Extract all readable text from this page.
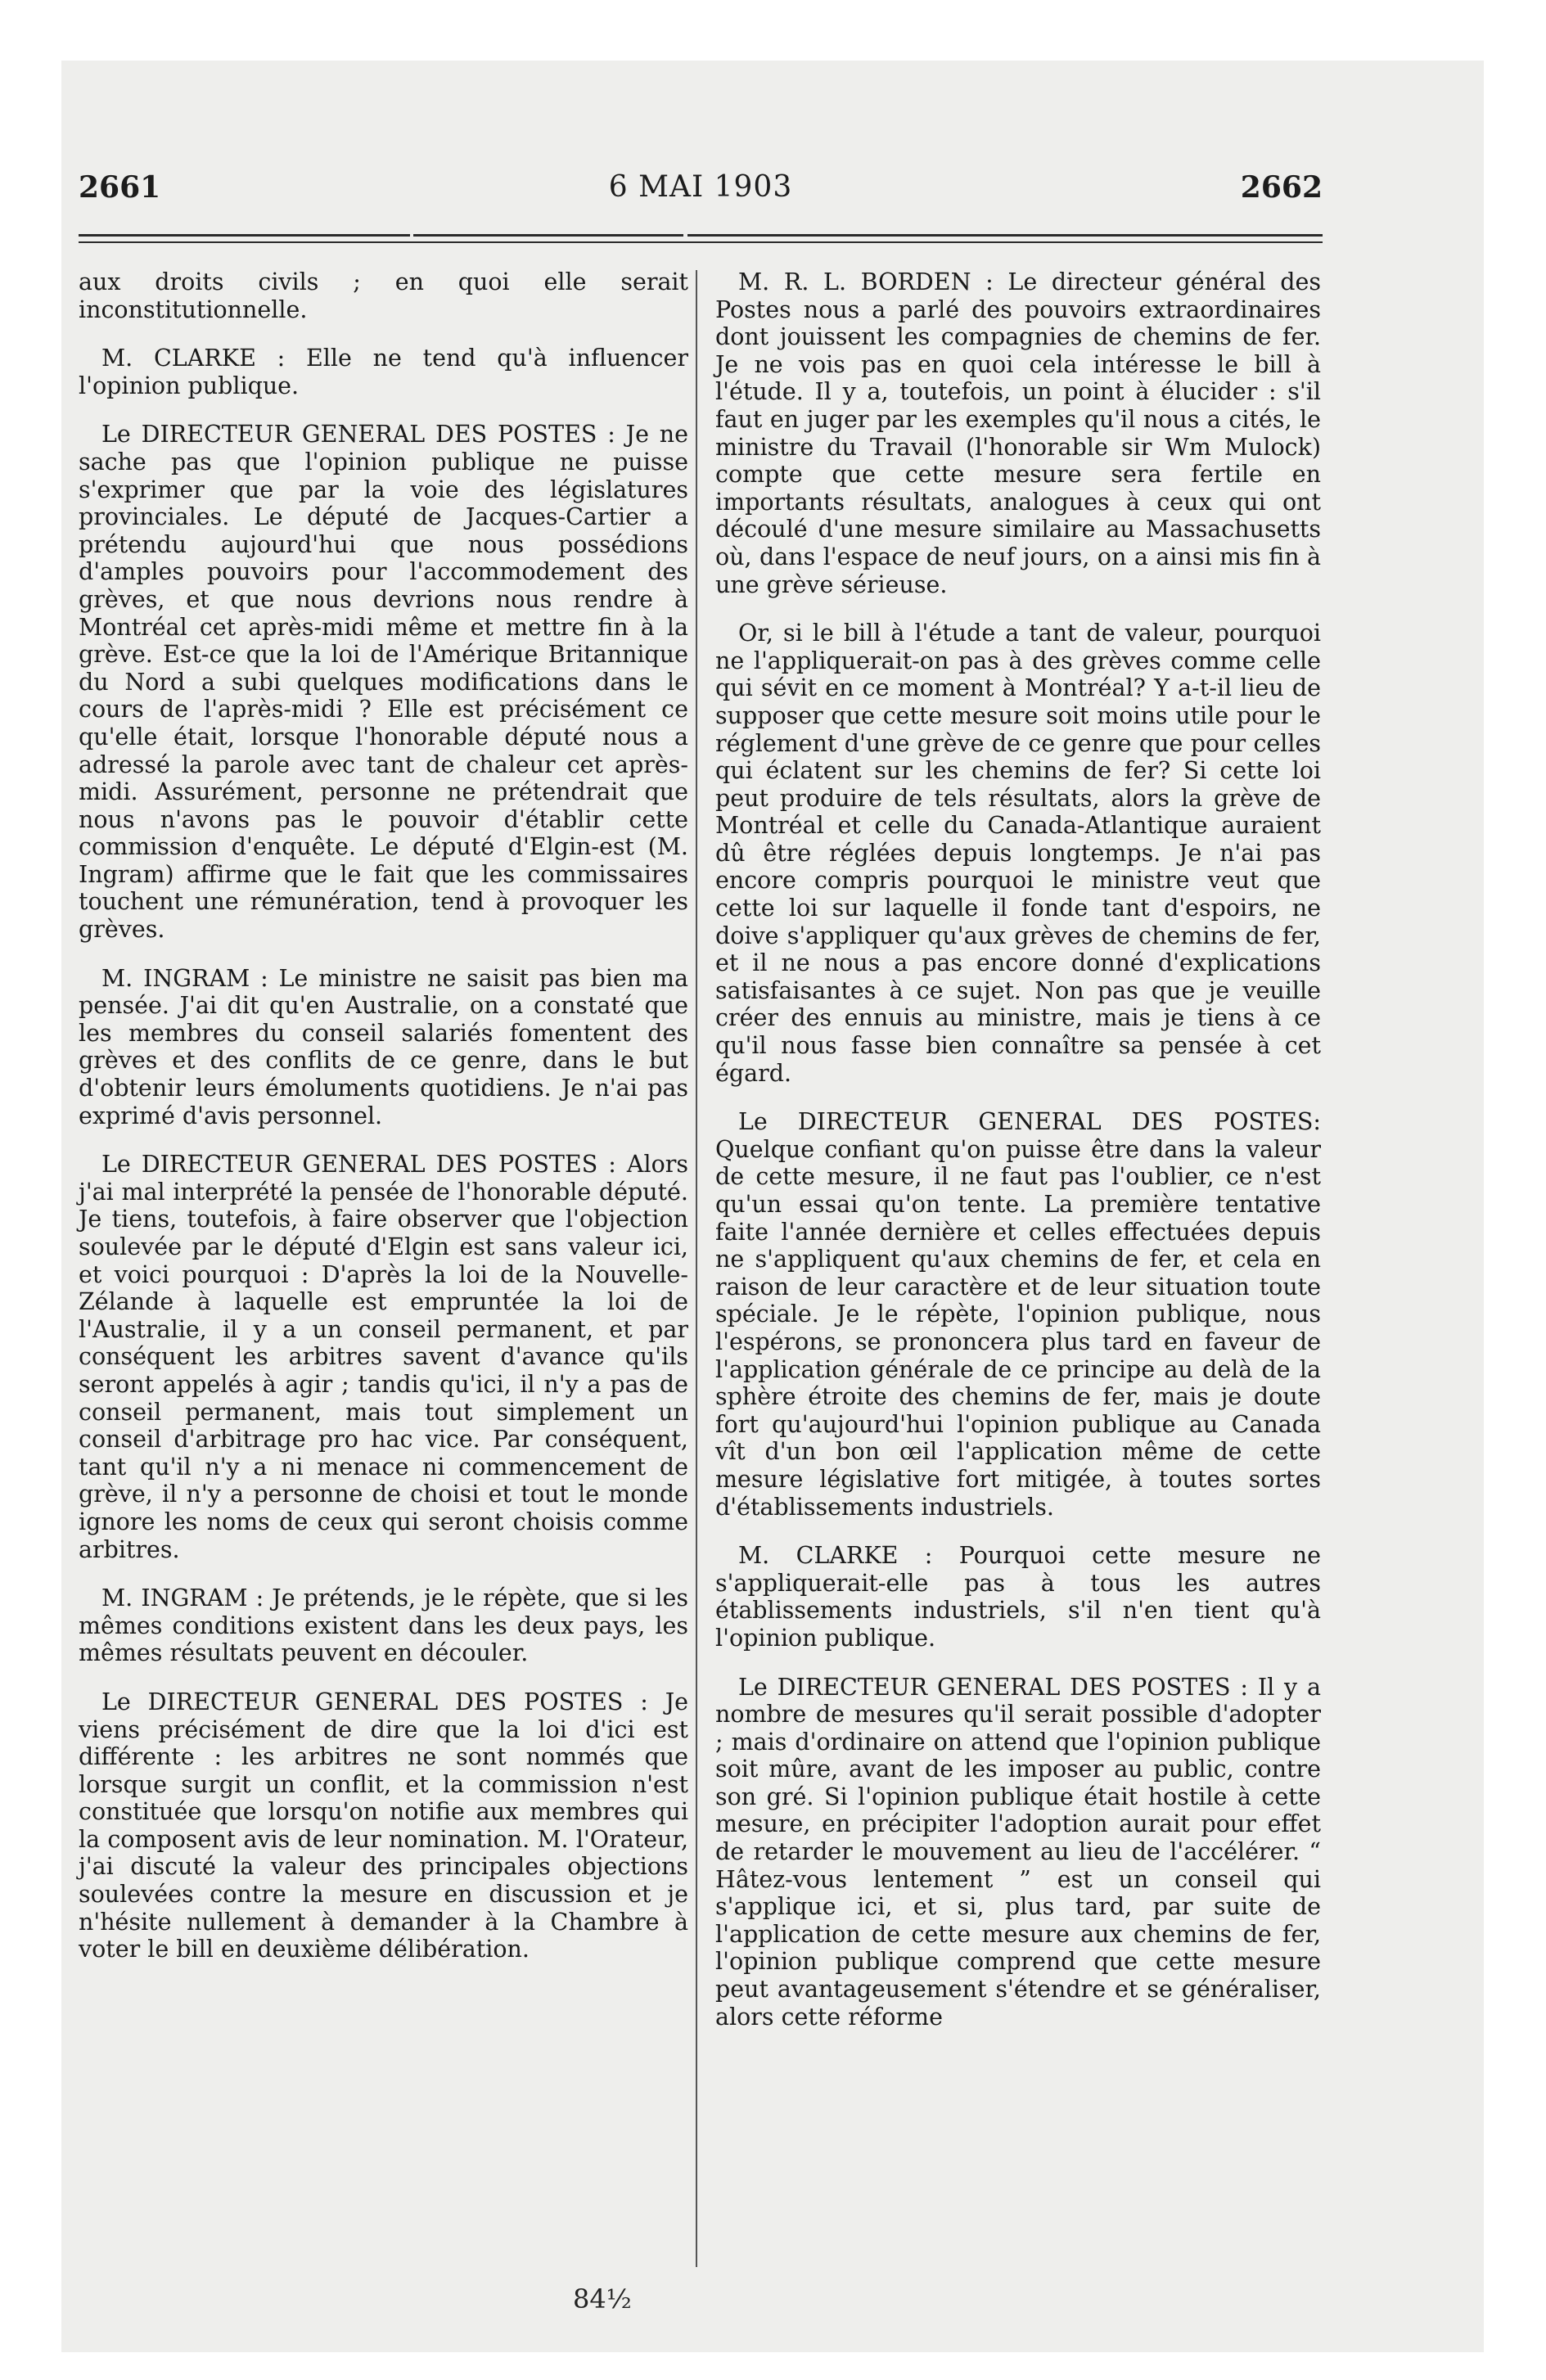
2661	6 MAI 1903	2662

aux droits civils ; en quoi elle serait inconstitutionnelle.

M. CLARKE : Elle ne tend qu'à influencer l'opinion publique.

Le DIRECTEUR GENERAL DES POSTES : Je ne sache pas que l'opinion publique ne puisse s'exprimer que par la voie des législatures provinciales. Le député de Jacques-Cartier a prétendu aujourd'hui que nous possédions d'amples pouvoirs pour l'accommodement des grèves, et que nous devrions nous rendre à Montréal cet après-midi même et mettre fin à la grève. Est-ce que la loi de l'Amérique Britannique du Nord a subi quelques modifications dans le cours de l'après-midi ? Elle est précisément ce qu'elle était, lorsque l'honorable député nous a adressé la parole avec tant de chaleur cet après-midi. Assurément, personne ne prétendrait que nous n'avons pas le pouvoir d'établir cette commission d'enquête. Le député d'Elgin-est (M. Ingram) affirme que le fait que les commissaires touchent une rémunération, tend à provoquer les grèves.

M. INGRAM : Le ministre ne saisit pas bien ma pensée. J'ai dit qu'en Australie, on a constaté que les membres du conseil salariés fomentent des grèves et des conflits de ce genre, dans le but d'obtenir leurs émoluments quotidiens. Je n'ai pas exprimé d'avis personnel.

Le DIRECTEUR GENERAL DES POSTES : Alors j'ai mal interprété la pensée de l'honorable député. Je tiens, toutefois, à faire observer que l'objection soulevée par le député d'Elgin est sans valeur ici, et voici pourquoi : D'après la loi de la Nouvelle-Zélande à laquelle est empruntée la loi de l'Australie, il y a un conseil permanent, et par conséquent les arbitres savent d'avance qu'ils seront appelés à agir ; tandis qu'ici, il n'y a pas de conseil permanent, mais tout simplement un conseil d'arbitrage pro hac vice. Par conséquent, tant qu'il n'y a ni menace ni commencement de grève, il n'y a personne de choisi et tout le monde ignore les noms de ceux qui seront choisis comme arbitres.

M. INGRAM : Je prétends, je le répète, que si les mêmes conditions existent dans les deux pays, les mêmes résultats peuvent en découler.

Le DIRECTEUR GENERAL DES POSTES : Je viens précisément de dire que la loi d'ici est différente : les arbitres ne sont nommés que lorsque surgit un conflit, et la commission n'est constituée que lorsqu'on notifie aux membres qui la composent avis de leur nomination. M. l'Orateur, j'ai discuté la valeur des principales objections soulevées contre la mesure en discussion et je n'hésite nullement à demander à la Chambre à voter le bill en deuxième délibération.

M. R. L. BORDEN : Le directeur général des Postes nous a parlé des pouvoirs extraordinaires dont jouissent les compagnies de chemins de fer. Je ne vois pas en quoi cela intéresse le bill à l'étude. Il y a, toutefois, un point à élucider : s'il faut en juger par les exemples qu'il nous a cités, le ministre du Travail (l'honorable sir Wm Mulock) compte que cette mesure sera fertile en importants résultats, analogues à ceux qui ont découlé d'une mesure similaire au Massachusetts où, dans l'espace de neuf jours, on a ainsi mis fin à une grève sérieuse.

Or, si le bill à l'étude a tant de valeur, pourquoi ne l'appliquerait-on pas à des grèves comme celle qui sévit en ce moment à Montréal? Y a-t-il lieu de supposer que cette mesure soit moins utile pour le réglement d'une grève de ce genre que pour celles qui éclatent sur les chemins de fer? Si cette loi peut produire de tels résultats, alors la grève de Montréal et celle du Canada-Atlantique auraient dû être réglées depuis longtemps. Je n'ai pas encore compris pourquoi le ministre veut que cette loi sur laquelle il fonde tant d'espoirs, ne doive s'appliquer qu'aux grèves de chemins de fer, et il ne nous a pas encore donné d'explications satisfaisantes à ce sujet. Non pas que je veuille créer des ennuis au ministre, mais je tiens à ce qu'il nous fasse bien connaître sa pensée à cet égard.

Le DIRECTEUR GENERAL DES POSTES: Quelque confiant qu'on puisse être dans la valeur de cette mesure, il ne faut pas l'oublier, ce n'est qu'un essai qu'on tente. La première tentative faite l'année dernière et celles effectuées depuis ne s'appliquent qu'aux chemins de fer, et cela en raison de leur caractère et de leur situation toute spéciale. Je le répète, l'opinion publique, nous l'espérons, se prononcera plus tard en faveur de l'application générale de ce principe au delà de la sphère étroite des chemins de fer, mais je doute fort qu'aujourd'hui l'opinion publique au Canada vît d'un bon œil l'application même de cette mesure législative fort mitigée, à toutes sortes d'établissements industriels.

M. CLARKE : Pourquoi cette mesure ne s'appliquerait-elle pas à tous les autres établissements industriels, s'il n'en tient qu'à l'opinion publique.

Le DIRECTEUR GENERAL DES POSTES : Il y a nombre de mesures qu'il serait possible d'adopter ; mais d'ordinaire on attend que l'opinion publique soit mûre, avant de les imposer au public, contre son gré. Si l'opinion publique était hostile à cette mesure, en précipiter l'adoption aurait pour effet de retarder le mouvement au lieu de l'accélérer. “ Hâtez-vous lentement ” est un conseil qui s'applique ici, et si, plus tard, par suite de l'application de cette mesure aux chemins de fer, l'opinion publique comprend que cette mesure peut avantageusement s'étendre et se généraliser, alors cette réforme

84½
